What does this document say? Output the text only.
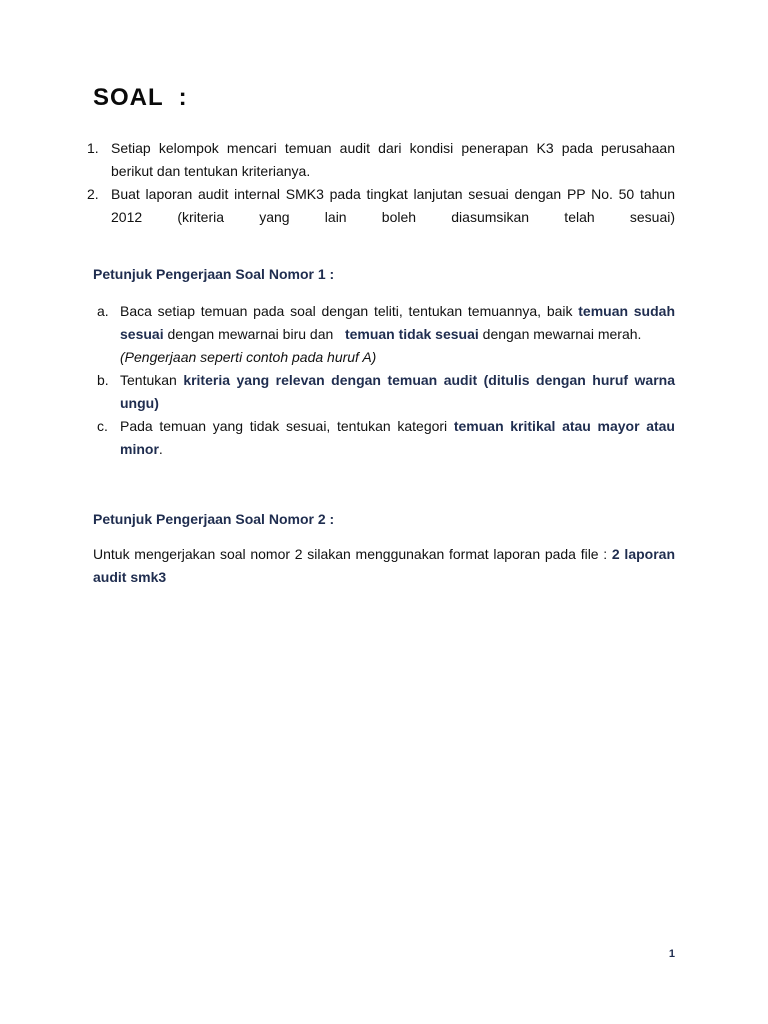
SOAL  :
1. Setiap kelompok mencari temuan audit dari kondisi penerapan K3 pada perusahaan berikut dan tentukan kriterianya.
2. Buat laporan audit internal SMK3 pada tingkat lanjutan sesuai dengan PP No. 50 tahun
2012 (kriteria yang lain boleh diasumsikan telah sesuai)
Petunjuk Pengerjaan Soal Nomor 1 :
a. Baca setiap temuan pada soal dengan teliti, tentukan temuannya, baik temuan sudah sesuai dengan mewarnai biru dan   temuan tidak sesuai dengan mewarnai merah.
(Pengerjaan seperti contoh pada huruf A)
b. Tentukan kriteria yang relevan dengan temuan audit (ditulis dengan huruf warna ungu)
c. Pada temuan yang tidak sesuai, tentukan kategori temuan kritikal atau mayor atau minor.
Petunjuk Pengerjaan Soal Nomor 2 :
Untuk mengerjakan soal nomor 2 silakan menggunakan format laporan pada file : 2 laporan audit smk3
1
